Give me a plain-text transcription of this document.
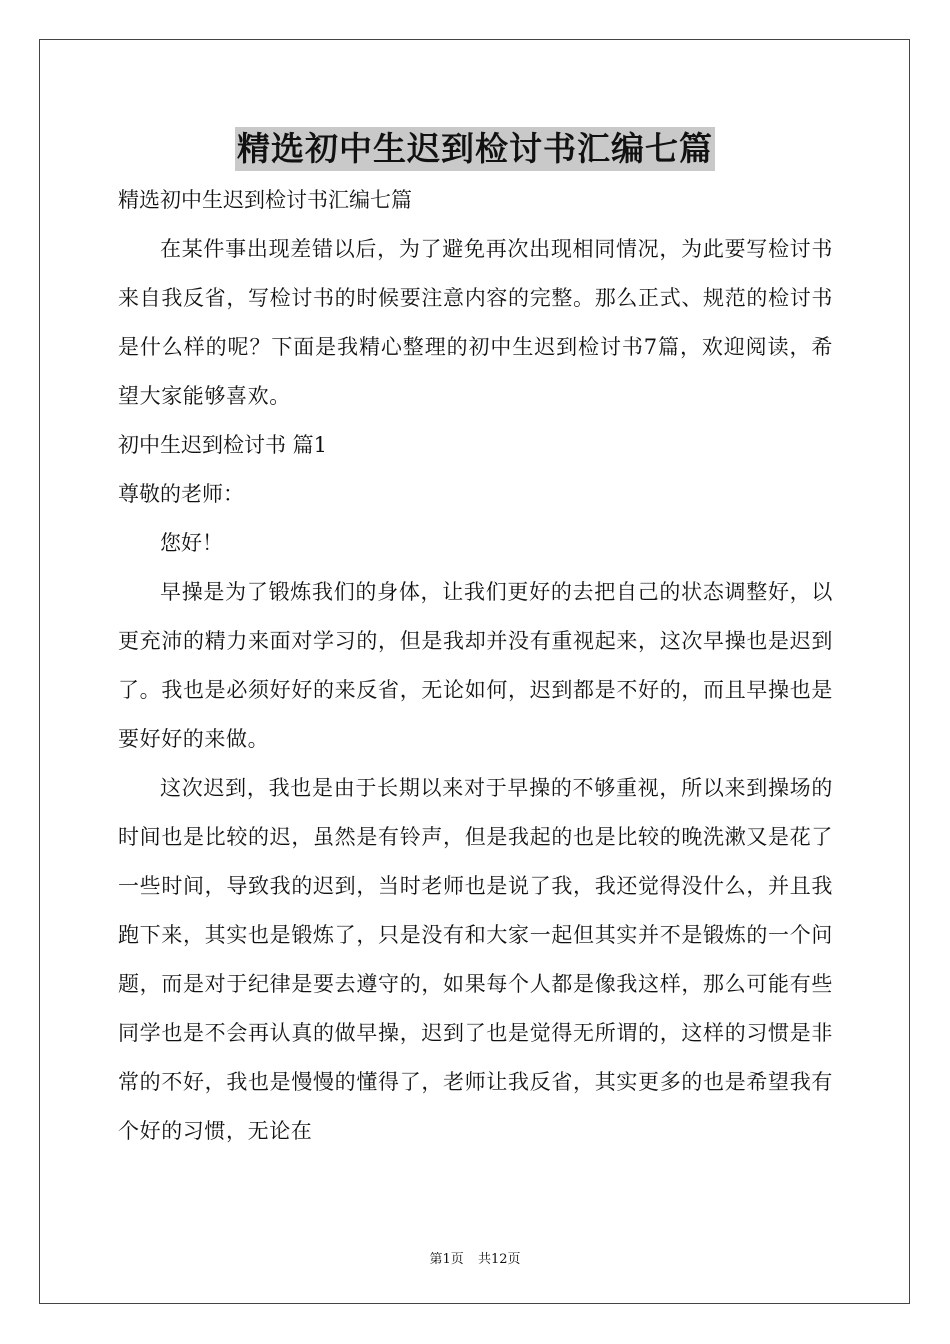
精选初中生迟到检讨书汇编七篇

精选初中生迟到检讨书汇编七篇

在某件事出现差错以后，为了避免再次出现相同情况，为此要写检讨书来自我反省，写检讨书的时候要注意内容的完整。那么正式、规范的检讨书是什么样的呢？下面是我精心整理的初中生迟到检讨书7篇，欢迎阅读，希望大家能够喜欢。

初中生迟到检讨书 篇1

尊敬的老师：

您好！

早操是为了锻炼我们的身体，让我们更好的去把自己的状态调整好，以更充沛的精力来面对学习的，但是我却并没有重视起来，这次早操也是迟到了。我也是必须好好的来反省，无论如何，迟到都是不好的，而且早操也是要好好的来做。

这次迟到，我也是由于长期以来对于早操的不够重视，所以来到操场的时间也是比较的迟，虽然是有铃声，但是我起的也是比较的晚洗漱又是花了一些时间，导致我的迟到，当时老师也是说了我，我还觉得没什么，并且我跑下来，其实也是锻炼了，只是没有和大家一起但其实并不是锻炼的一个问题，而是对于纪律是要去遵守的，如果每个人都是像我这样，那么可能有些同学也是不会再认真的做早操，迟到了也是觉得无所谓的，这样的习惯是非常的不好，我也是慢慢的懂得了，老师让我反省，其实更多的也是希望我有个好的习惯，无论在

第1页 共12页
